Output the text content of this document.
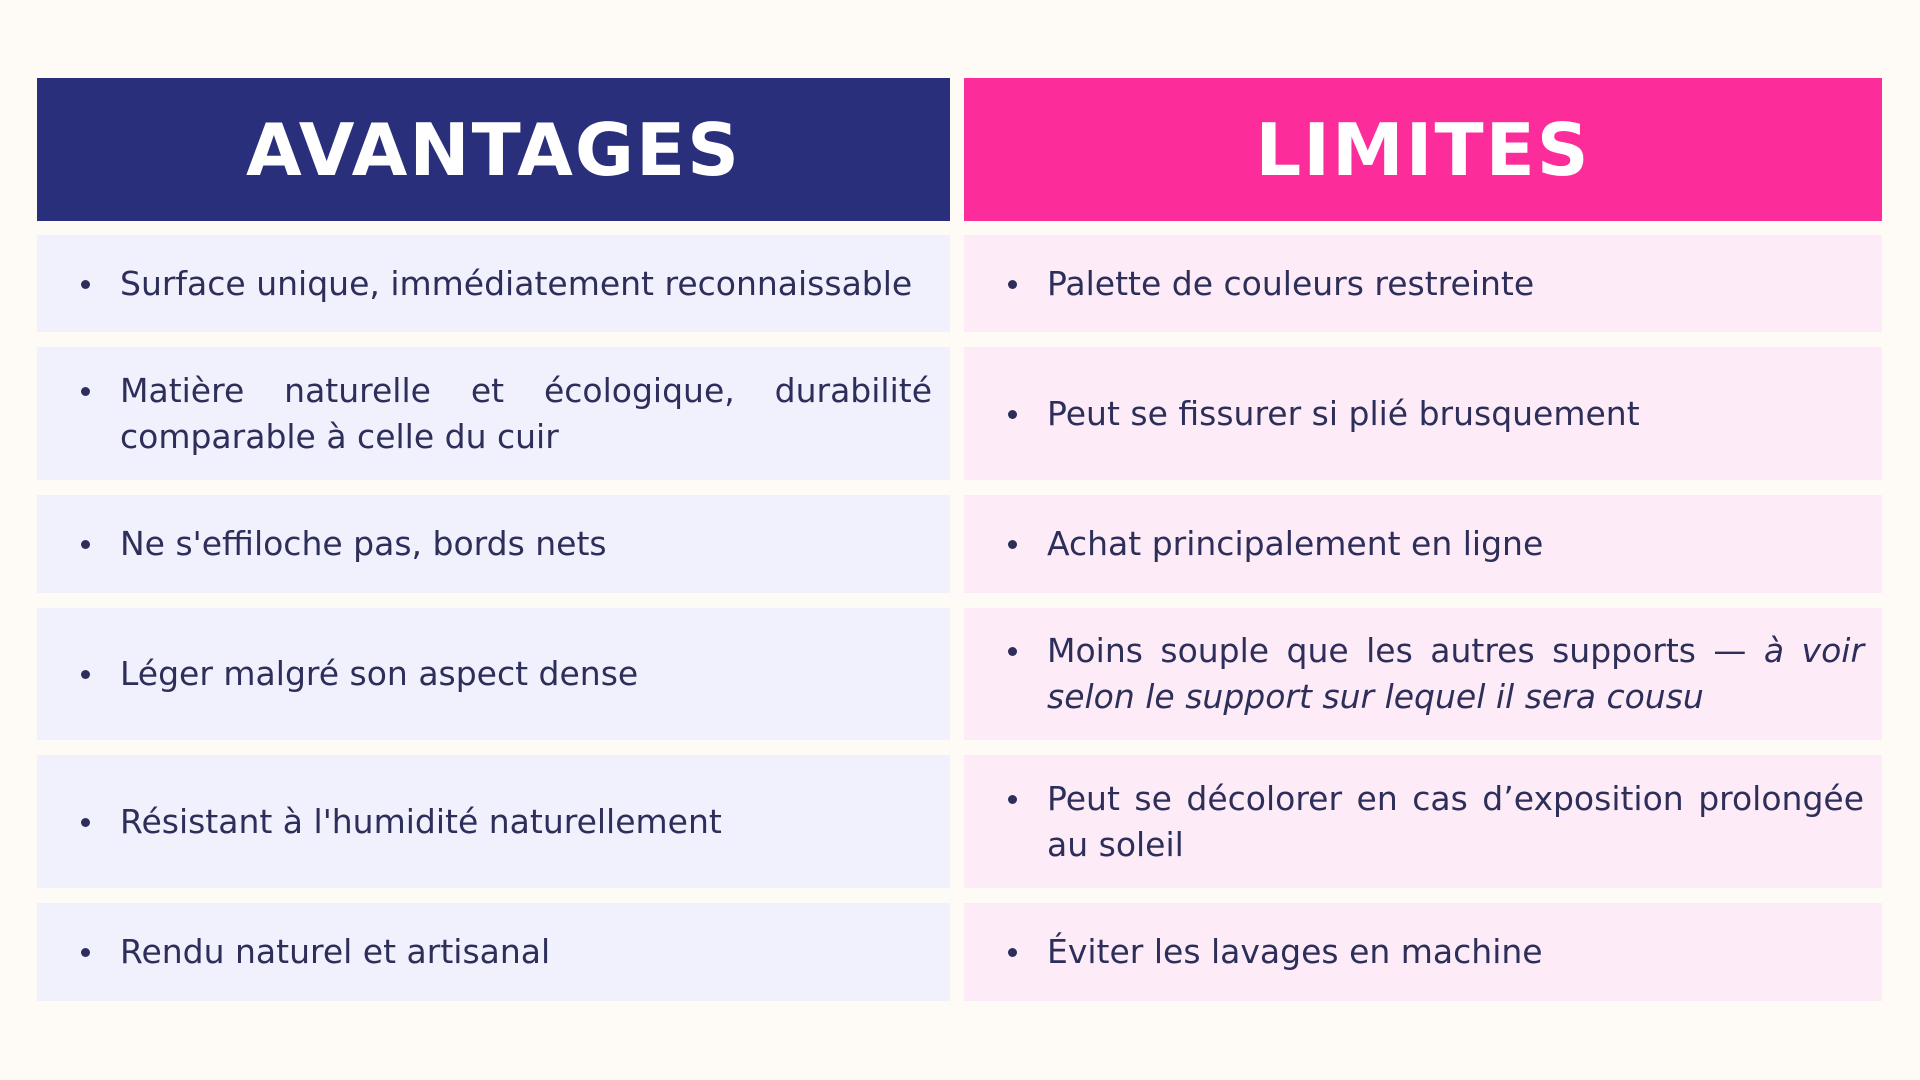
AVANTAGES	LIMITES
Surface unique, immédiatement reconnaissable
Matière naturelle et écologique, durabilité comparable à celle du cuir
Ne s'effiloche pas, bords nets
Léger malgré son aspect dense
Résistant à l'humidité naturellement
Rendu naturel et artisanal
Palette de couleurs restreinte
Peut se fissurer si plié brusquement
Achat principalement en ligne
Moins souple que les autres supports — à voir selon le support sur lequel il sera cousu
Peut se décolorer en cas d’exposition prolongée au soleil
Éviter les lavages en machine
